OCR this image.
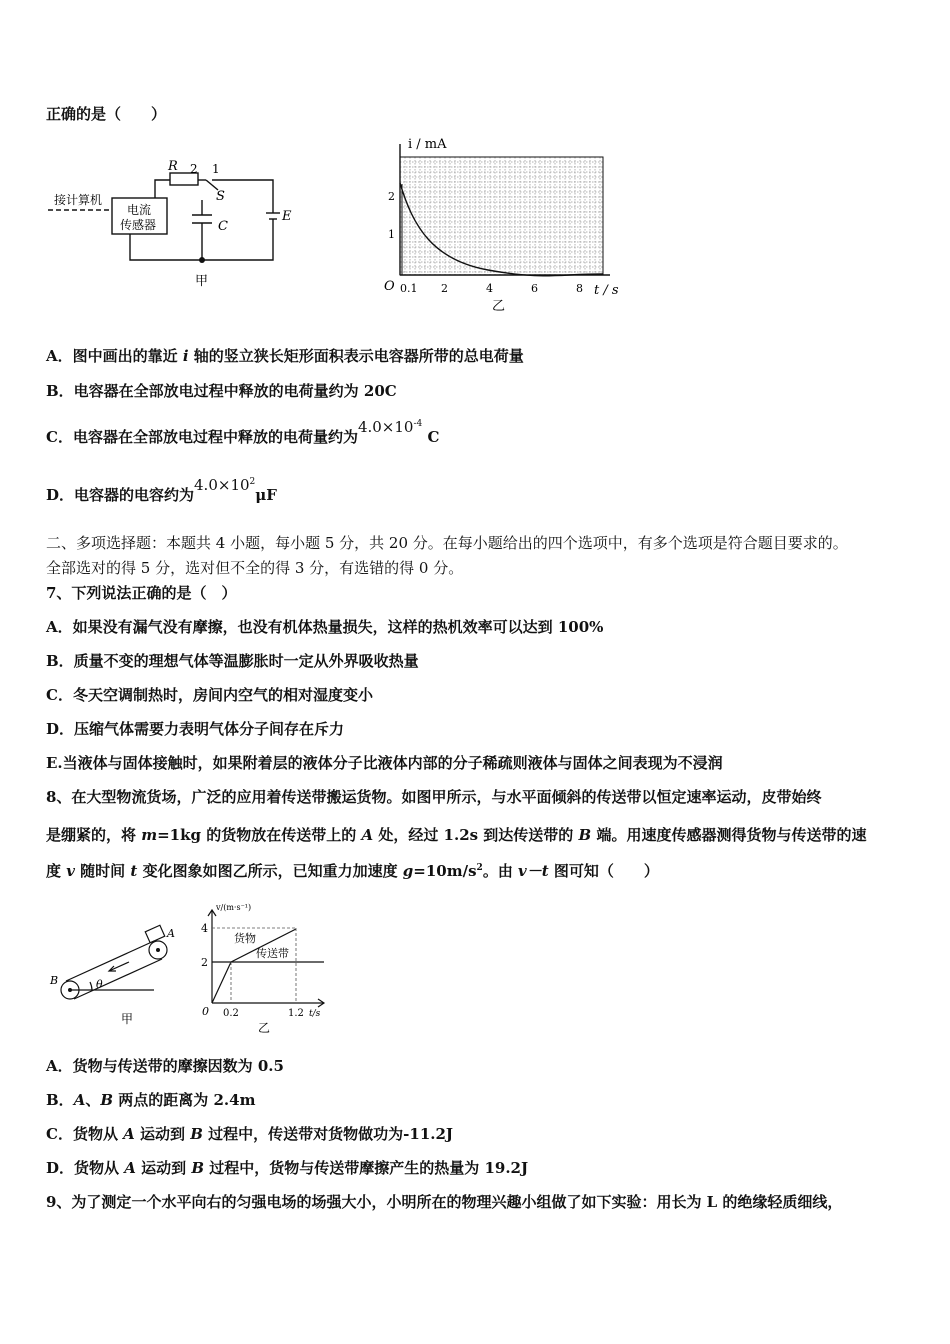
正确的是（　　）
接计算机
电流
传感器
R 2 1
S
C
E
甲
i / mA
2
1
O 0.1 2	4	6	8 t / s
乙
A．图中画出的靠近 i 轴的竖立狭长矩形面积表示电容器所带的总电荷量
B．电容器在全部放电过程中释放的电荷量约为 20C
C．电容器在全部放电过程中释放的电荷量约为$4.0\times 10^{-4}$ C
D．电容器的电容约为$4.0\times 10^2\mu F$
二、多项选择题：本题共 4 小题，每小题 5 分，共 20 分。在每小题给出的四个选项中，有多个选项是符合题目要求的。
全部选对的得 5 分，选对但不全的得 3 分，有选错的得 0 分。
7、下列说法正确的是（　）
A．如果没有漏气没有摩擦，也没有机体热量损失，这样的热机效率可以达到 100%
B．质量不变的理想气体等温膨胀时一定从外界吸收热量
C．冬天空调制热时，房间内空气的相对湿度变小
D．压缩气体需要力表明气体分子间存在斥力
E.当液体与固体接触时，如果附着层的液体分子比液体内部的分子稀疏则液体与固体之间表现为不浸润
8、在大型物流货场，广泛的应用着传送带搬运货物。如图甲所示，与水平面倾斜的传送带以恒定速率运动，皮带始终
是绷紧的，将 m=1kg 的货物放在传送带上的 A 处，经过 1.2s 到达传送带的 B 端。用速度传感器测得货物与传送带的速
度 v 随时间 t 变化图象如图乙所示，已知重力加速度 $g=10m/s^2$。由 v－t 图可知（　　）
A
B	θ
甲
v/(m·s⁻¹)
4
2
0 0.2	1.2 t/s
货物
传送带
乙
A．货物与传送带的摩擦因数为 0.5
B．A、B 两点的距离为 2.4m
C．货物从 A 运动到 B 过程中，传送带对货物做功为-11.2J
D．货物从 A 运动到 B 过程中，货物与传送带摩擦产生的热量为 19.2J
9、为了测定一个水平向右的匀强电场的场强大小，小明所在的物理兴趣小组做了如下实验：用长为 L 的绝缘轻质细线，
